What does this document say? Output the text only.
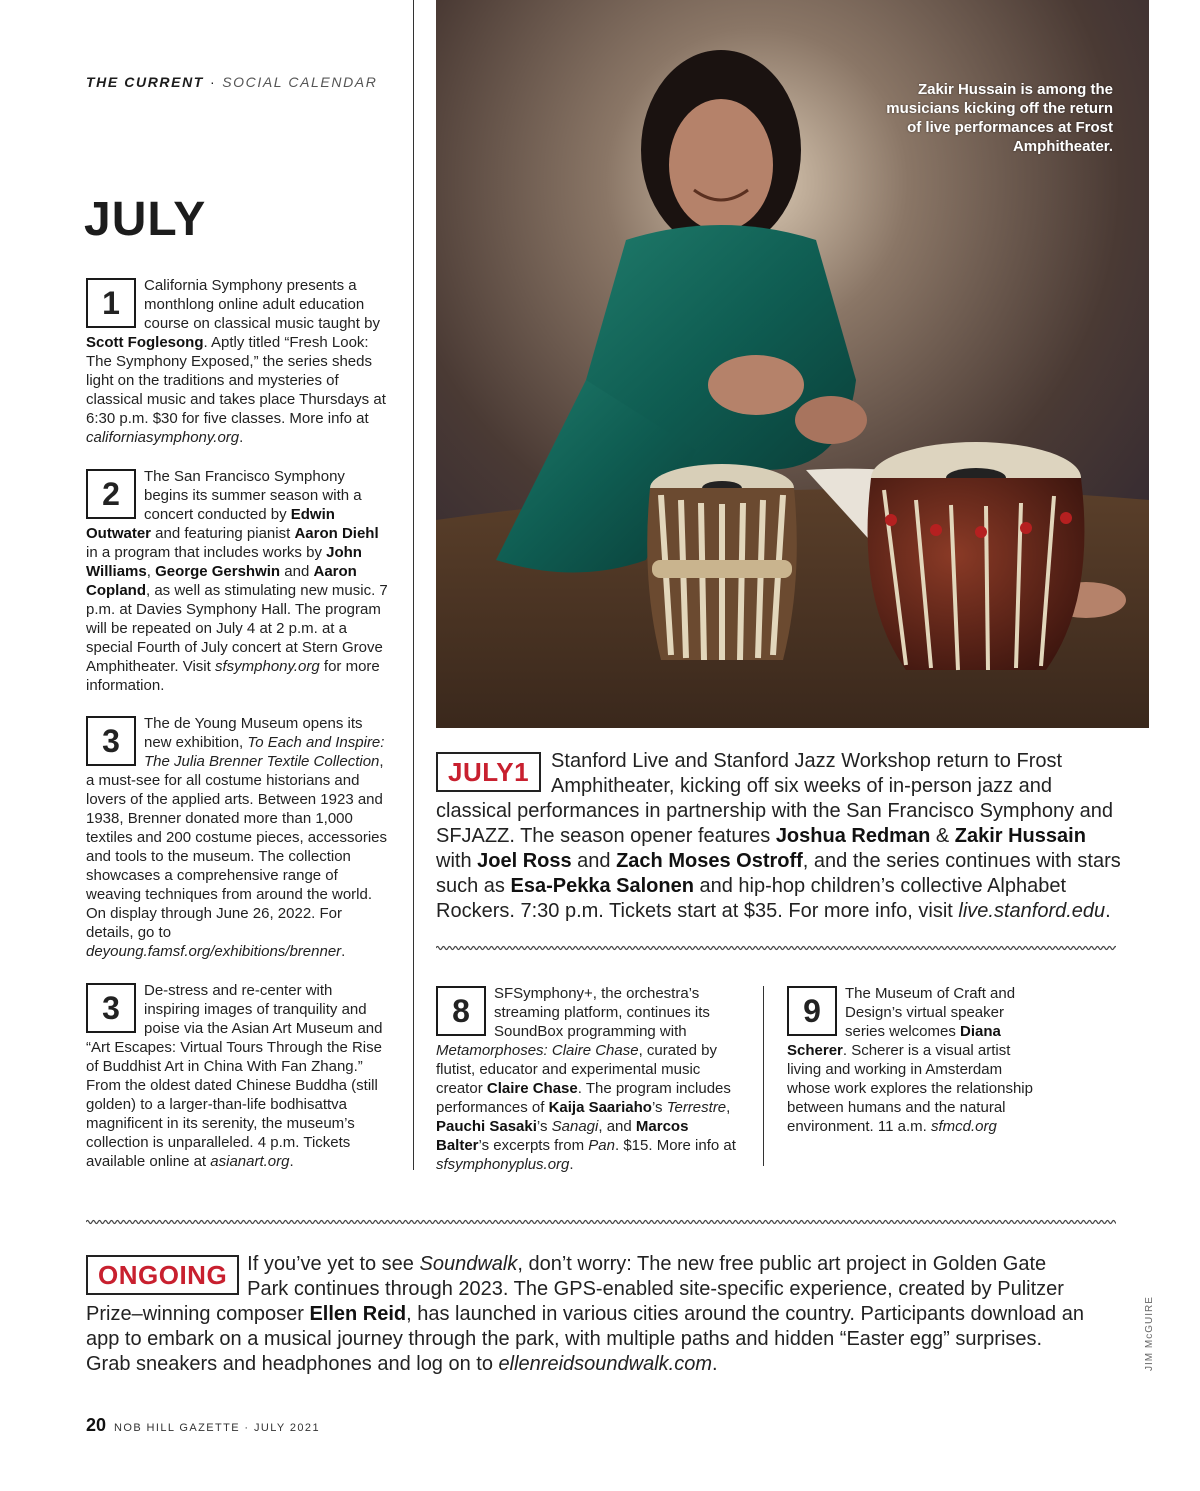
THE CURRENT · SOCIAL CALENDAR
JULY
1	California Symphony presents a monthlong online adult education course on classical music taught by Scott Foglesong. Aptly titled “Fresh Look: The Symphony Exposed,” the series sheds light on the traditions and mysteries of classical music and takes place Thursdays at 6:30 p.m. $30 for five classes. More info at californiasymphony.org.
2	The San Francisco Symphony begins its summer season with a concert conducted by Edwin Outwater and featuring pianist Aaron Diehl in a program that includes works by John Williams, George Gershwin and Aaron Copland, as well as stimulating new music. 7 p.m. at Davies Symphony Hall. The program will be repeated on July 4 at 2 p.m. at a special Fourth of July concert at Stern Grove Amphitheater. Visit sfsymphony.org for more information.
3	The de Young Museum opens its new exhibition, To Each and Inspire: The Julia Brenner Textile Collection, a must-see for all costume historians and lovers of the applied arts. Between 1923 and 1938, Brenner donated more than 1,000 textiles and 200 costume pieces, accessories and tools to the museum. The collection showcases a comprehensive range of weaving techniques from around the world. On display through June 26, 2022. For details, go to deyoung.famsf.org/exhibitions/brenner.
3	De-stress and re-center with inspiring images of tranquility and poise via the Asian Art Museum and “Art Escapes: Virtual Tours Through the Rise of Buddhist Art in China With Fan Zhang.” From the oldest dated Chinese Buddha (still golden) to a larger-than-life bodhisattva magnificent in its serenity, the museum’s collection is unparalleled. 4 p.m. Tickets available online at asianart.org.
Zakir Hussain is among the musicians kicking off the return of live performances at Frost Amphitheater.
JULY1	Stanford Live and Stanford Jazz Workshop return to Frost Amphitheater, kicking off six weeks of in-person jazz and classical performances in partnership with the San Francisco Symphony and SFJAZZ. The season opener features Joshua Redman & Zakir Hussain with Joel Ross and Zach Moses Ostroff, and the series continues with stars such as Esa-Pekka Salonen and hip-hop children’s collective Alphabet Rockers. 7:30 p.m. Tickets start at $35. For more info, visit live.stanford.edu.
8	SFSymphony+, the orchestra’s streaming platform, continues its SoundBox programming with Metamorphoses: Claire Chase, curated by flutist, educator and experimental music creator Claire Chase. The program includes performances of Kaija Saariaho’s Terrestre, Pauchi Sasaki’s Sanagi, and Marcos Balter’s excerpts from Pan. $15. More info at sfsymphonyplus.org.
9	The Museum of Craft and Design’s virtual speaker series welcomes Diana Scherer. Scherer is a visual artist living and working in Amsterdam whose work explores the relationship between humans and the natural environment. 11 a.m. sfmcd.org
ONGOING	If you’ve yet to see Soundwalk, don’t worry: The new free public art project in Golden Gate Park continues through 2023. The GPS-enabled site-specific experience, created by Pulitzer Prize–winning composer Ellen Reid, has launched in various cities around the country. Participants download an app to embark on a musical journey through the park, with multiple paths and hidden “Easter egg” surprises. Grab sneakers and headphones and log on to ellenreidsoundwalk.com.	JIM McGUIRE
20 NOB HILL GAZETTE · JULY 2021
